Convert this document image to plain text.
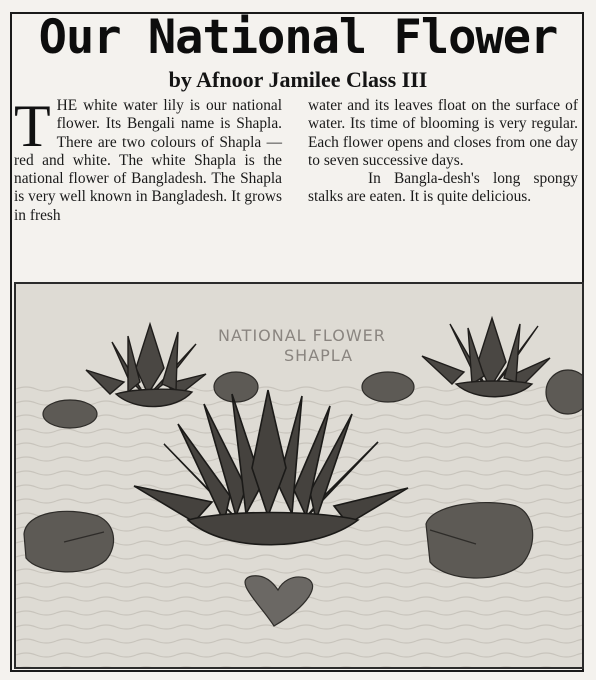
Our National Flower
by Afnoor Jamilee Class III

THE white water lily is our national flower. Its Bengali name is Shapla. There are two colours of Shapla — red and white. The white Shapla is the national flower of Bangladesh. The Shapla is very well known in Bangladesh. It grows in fresh

water and its leaves float on the surface of water. Its time of blooming is very regular. Each flower opens and closes from one day to seven successive days.

In Bangla-desh's long spongy stalks are eaten. It is quite delicious.

NATIONAL FLOWER
SHAPLA
